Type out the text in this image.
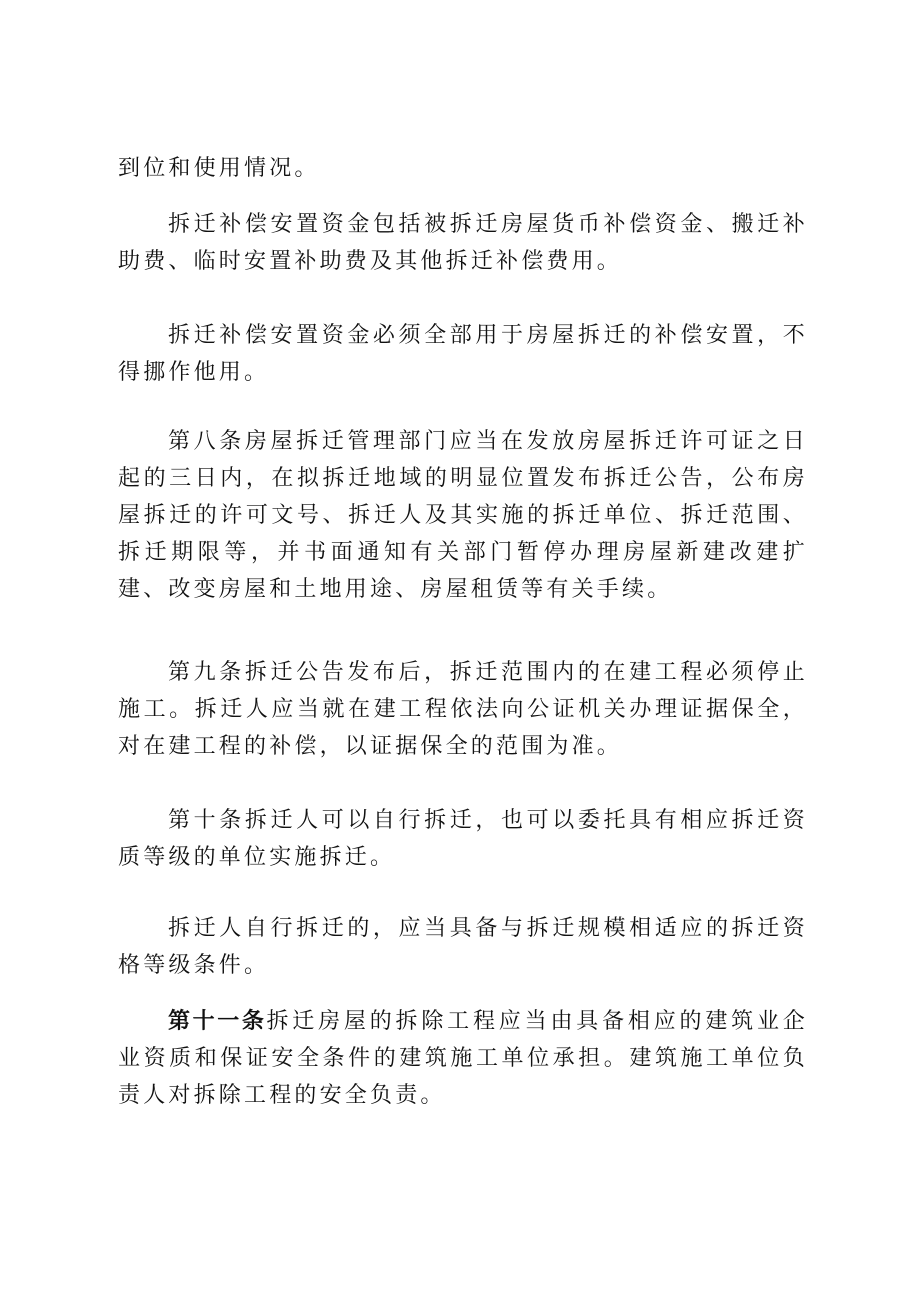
到位和使用情况。

拆迁补偿安置资金包括被拆迁房屋货币补偿资金、搬迁补助费、临时安置补助费及其他拆迁补偿费用。

拆迁补偿安置资金必须全部用于房屋拆迁的补偿安置，不得挪作他用。

第八条房屋拆迁管理部门应当在发放房屋拆迁许可证之日起的三日内，在拟拆迁地域的明显位置发布拆迁公告，公布房屋拆迁的许可文号、拆迁人及其实施的拆迁单位、拆迁范围、拆迁期限等，并书面通知有关部门暂停办理房屋新建改建扩建、改变房屋和土地用途、房屋租赁等有关手续。

第九条拆迁公告发布后，拆迁范围内的在建工程必须停止施工。拆迁人应当就在建工程依法向公证机关办理证据保全，对在建工程的补偿，以证据保全的范围为准。

第十条拆迁人可以自行拆迁，也可以委托具有相应拆迁资质等级的单位实施拆迁。

拆迁人自行拆迁的，应当具备与拆迁规模相适应的拆迁资格等级条件。

第十一条拆迁房屋的拆除工程应当由具备相应的建筑业企业资质和保证安全条件的建筑施工单位承担。建筑施工单位负责人对拆除工程的安全负责。
